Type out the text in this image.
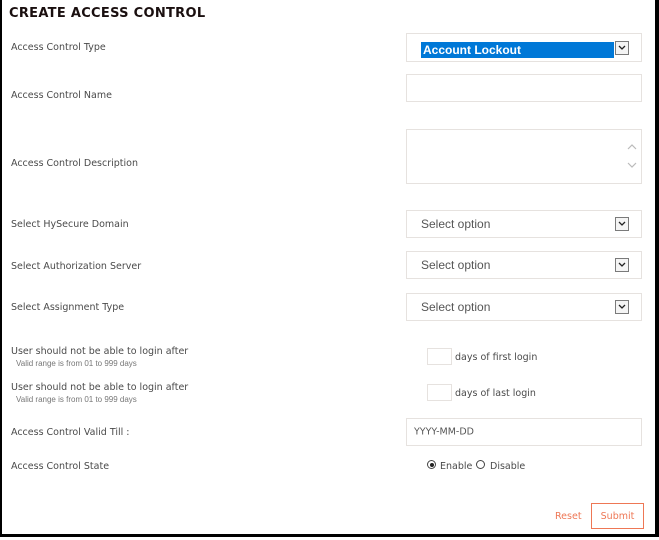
CREATE ACCESS CONTROL
Access Control Type	Account Lockout
Access Control Name
Access Control Description
Select HySecure Domain	Select option
Select Authorization Server	Select option
Select Assignment Type	Select option
User should not be able to login after
Valid range is from 01 to 999 days
days of first login
User should not be able to login after
Valid range is from 01 to 999 days
days of last login
Access Control Valid Till :	YYYY-MM-DD
Access Control State	Enable Disable
Reset	Submit
